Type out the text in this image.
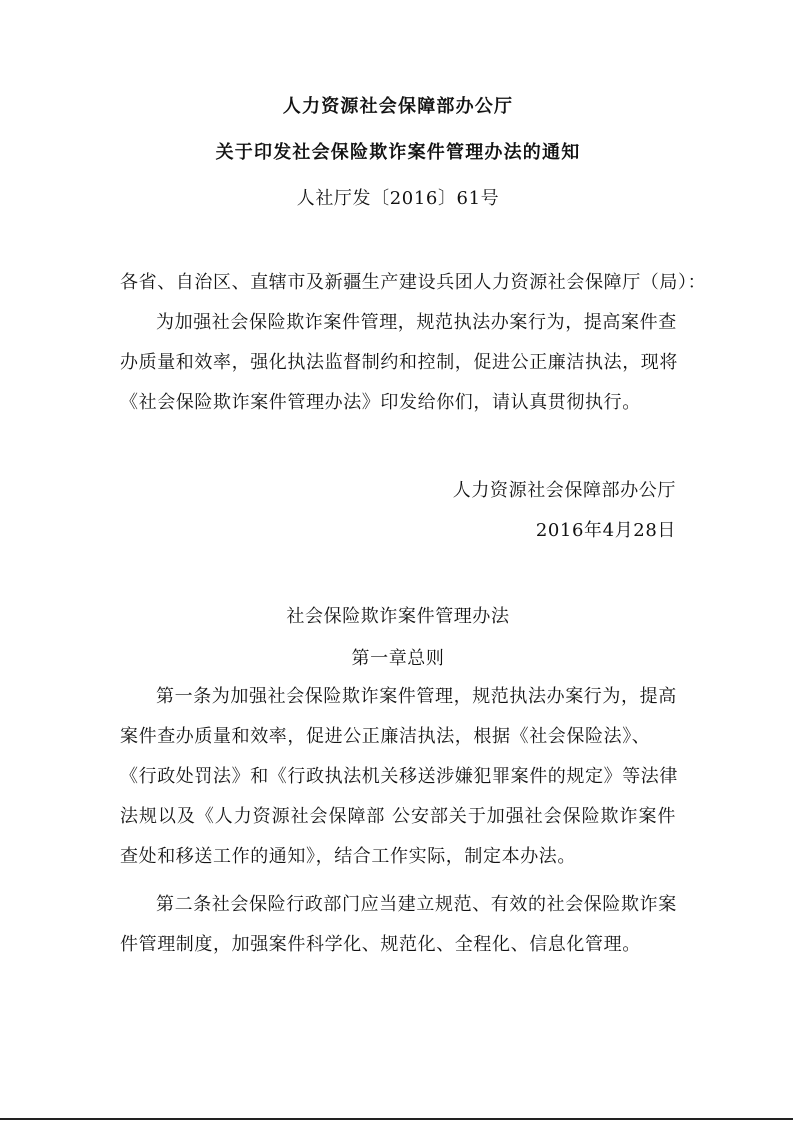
人力资源社会保障部办公厅
关于印发社会保险欺诈案件管理办法的通知
人社厅发〔2016〕61号
各省、自治区、直辖市及新疆生产建设兵团人力资源社会保障厅（局）：
为加强社会保险欺诈案件管理，规范执法办案行为，提高案件查
办质量和效率，强化执法监督制约和控制，促进公正廉洁执法，现将
《社会保险欺诈案件管理办法》印发给你们，请认真贯彻执行。
人力资源社会保障部办公厅
2016年4月28日
社会保险欺诈案件管理办法
第一章总则
第一条为加强社会保险欺诈案件管理，规范执法办案行为，提高
案件查办质量和效率，促进公正廉洁执法，根据《社会保险法》、
《行政处罚法》和《行政执法机关移送涉嫌犯罪案件的规定》等法律
法规以及《人力资源社会保障部 公安部关于加强社会保险欺诈案件
查处和移送工作的通知》，结合工作实际，制定本办法。
第二条社会保险行政部门应当建立规范、有效的社会保险欺诈案
件管理制度，加强案件科学化、规范化、全程化、信息化管理。
